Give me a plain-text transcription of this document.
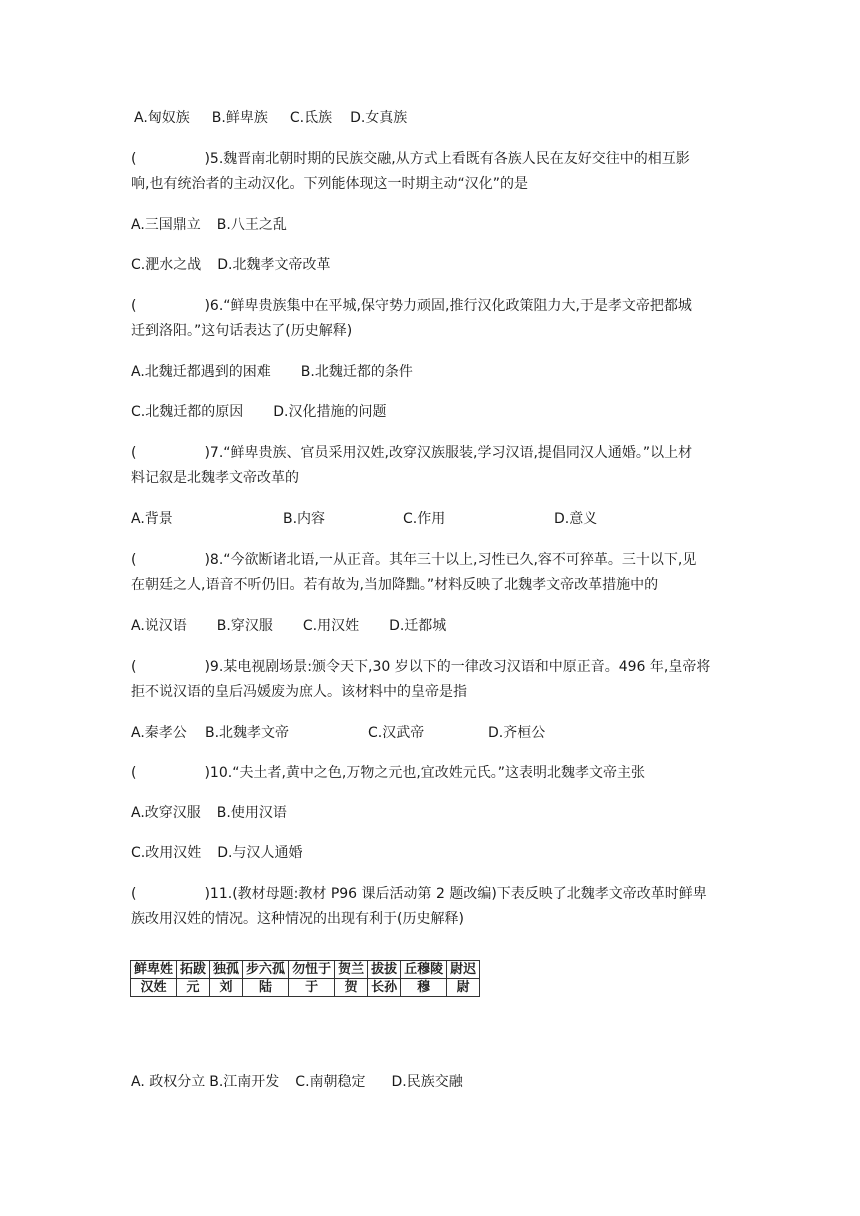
A.匈奴族 B.鲜卑族 C.氐族 D.女真族
(	)5.魏晋南北朝时期的民族交融,从方式上看既有各族人民在友好交往中的相互影
响,也有统治者的主动汉化。下列能体现这一时期主动“汉化”的是
A.三国鼎立 B.八王之乱
C.淝水之战 D.北魏孝文帝改革
(	)6.“鲜卑贵族集中在平城,保守势力顽固,推行汉化政策阻力大,于是孝文帝把都城
迁到洛阳。”这句话表达了(历史解释)
A.北魏迁都遇到的困难 B.北魏迁都的条件
C.北魏迁都的原因 D.汉化措施的问题
(	)7.“鲜卑贵族、官员采用汉姓,改穿汉族服装,学习汉语,提倡同汉人通婚。”以上材
料记叙是北魏孝文帝改革的
A.背景	B.内容	C.作用	D.意义
(	)8.“今欲断诸北语,一从正音。其年三十以上,习性已久,容不可猝革。三十以下,见
在朝廷之人,语音不听仍旧。若有故为,当加降黜。”材料反映了北魏孝文帝改革措施中的
A.说汉语 B.穿汉服 C.用汉姓 D.迁都城
(	)9.某电视剧场景:颁令天下,30 岁以下的一律改习汉语和中原正音。496 年,皇帝将
拒不说汉语的皇后冯媛废为庶人。该材料中的皇帝是指
A.秦孝公 B.北魏孝文帝	C.汉武帝	D.齐桓公
(	)10.“夫土者,黄中之色,万物之元也,宜改姓元氏。”这表明北魏孝文帝主张
A.改穿汉服 B.使用汉语
C.改用汉姓 D.与汉人通婚
(	)11.(教材母题:教材 P96 课后活动第 2 题改编)下表反映了北魏孝文帝改革时鲜卑
族改用汉姓的情况。这种情况的出现有利于(历史解释)
鲜卑姓	拓跋	独孤	步六孤	勿忸于	贺兰	拔拔	丘穆陵	尉迟
汉姓	元	刘	陆	于	贺	长孙	穆	尉
A. 政权分立 B.江南开发 C.南朝稳定 D.民族交融
